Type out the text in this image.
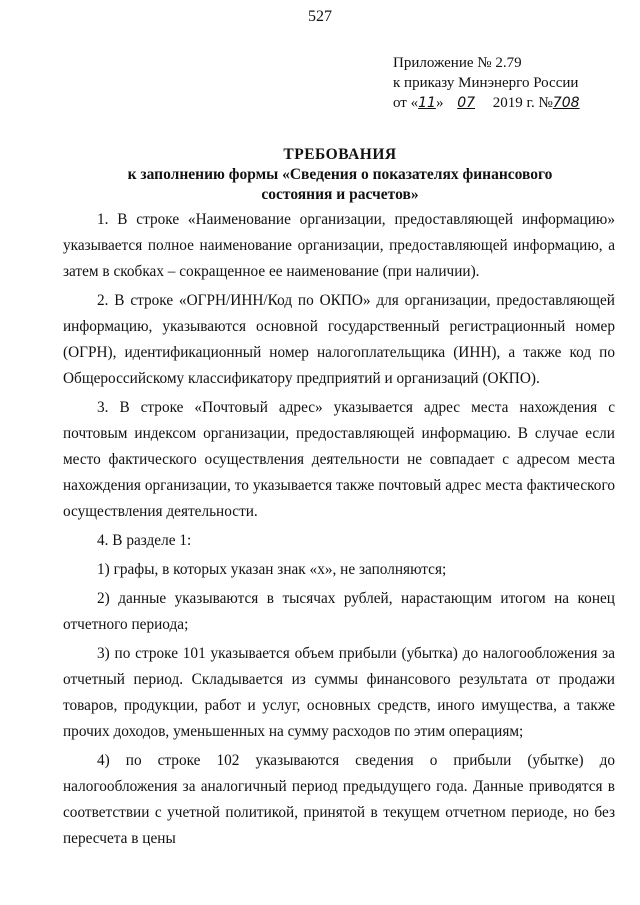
527
Приложение № 2.79
к приказу Минэнерго России
от «11» 07 2019 г. №708
ТРЕБОВАНИЯ
к заполнению формы «Сведения о показателях финансового
состояния и расчетов»

1. В строке «Наименование организации, предоставляющей информацию» указывается полное наименование организации, предоставляющей информацию, а затем в скобках – сокращенное ее наименование (при наличии).

2. В строке «ОГРН/ИНН/Код по ОКПО» для организации, предоставляющей информацию, указываются основной государственный регистрационный номер (ОГРН), идентификационный номер налогоплательщика (ИНН), а также код по Общероссийскому классификатору предприятий и организаций (ОКПО).

3. В строке «Почтовый адрес» указывается адрес места нахождения с почтовым индексом организации, предоставляющей информацию. В случае если место фактического осуществления деятельности не совпадает с адресом места нахождения организации, то указывается также почтовый адрес места фактического осуществления деятельности.

4. В разделе 1:

1) графы, в которых указан знак «х», не заполняются;

2) данные указываются в тысячах рублей, нарастающим итогом на конец отчетного периода;

3) по строке 101 указывается объем прибыли (убытка) до налогообложения за отчетный период. Складывается из суммы финансового результата от продажи товаров, продукции, работ и услуг, основных средств, иного имущества, а также прочих доходов, уменьшенных на сумму расходов по этим операциям;

4) по строке 102 указываются сведения о прибыли (убытке) до налогообложения за аналогичный период предыдущего года. Данные приводятся в соответствии с учетной политикой, принятой в текущем отчетном периоде, но без пересчета в цены
